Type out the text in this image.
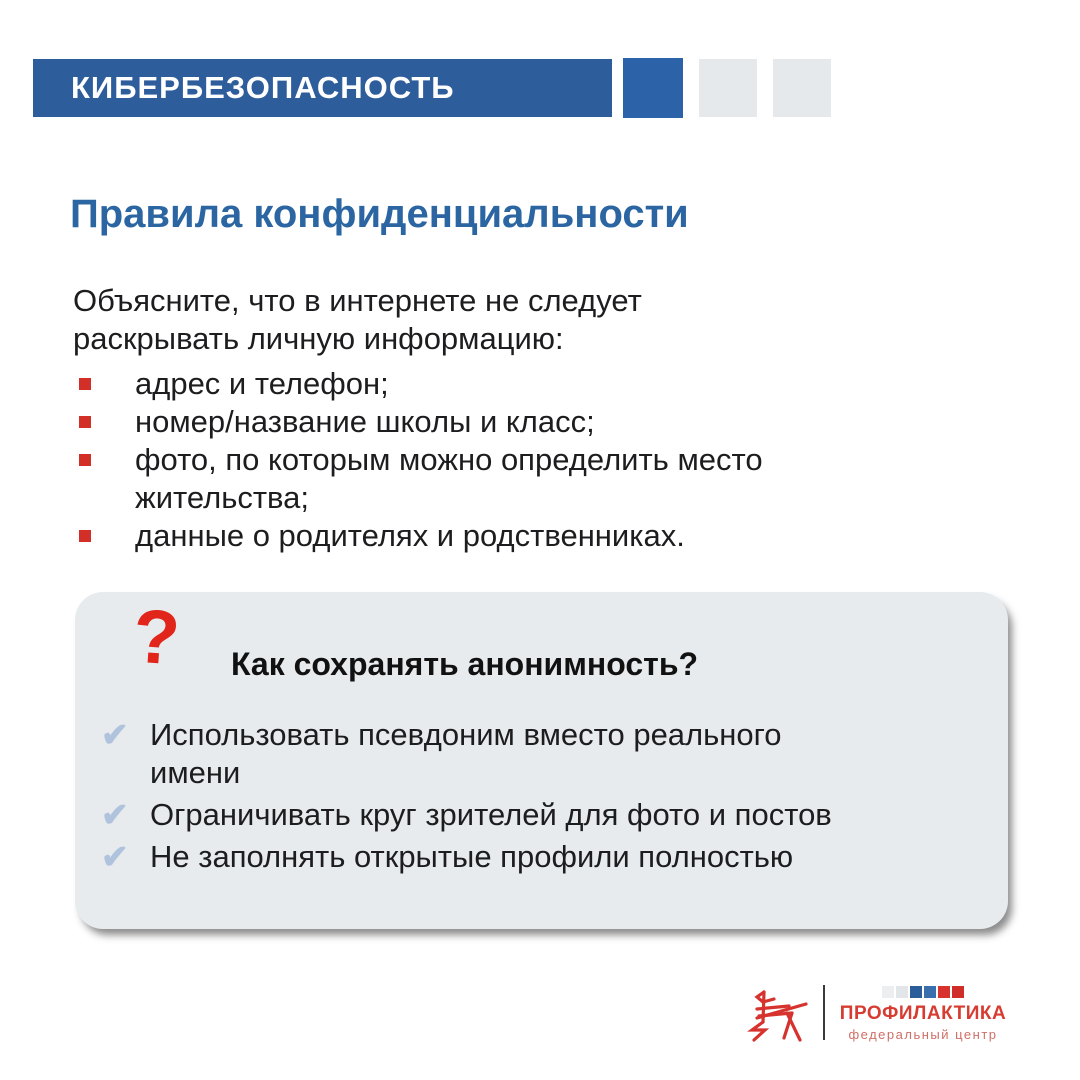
КИБЕРБЕЗОПАСНОСТЬ
Правила конфиденциальности

Объясните, что в интернете не следует раскрывать личную информацию:

адрес и телефон;
номер/название школы и класс;
фото, по которым можно определить место жительства;
данные о родителях и родственниках.
? Как сохранять анонимность?
✔ Использовать псевдоним вместо реального имени
✔ Ограничивать круг зрителей для фото и постов
✔ Не заполнять открытые профили полностью
ПРОФИЛАКТИКА
федеральный центр
